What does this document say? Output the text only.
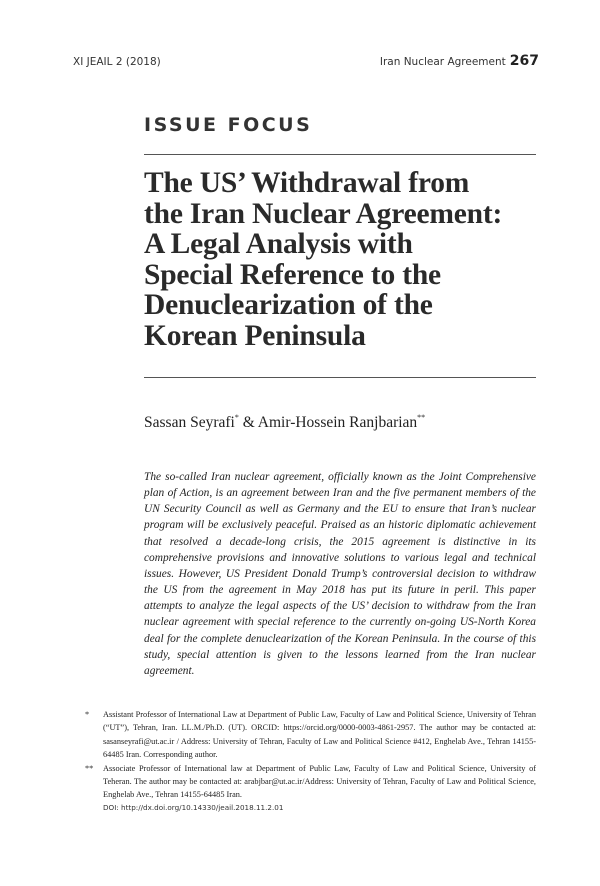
XI JEAIL 2 (2018)	Iran Nuclear Agreement 267
ISSUE FOCUS
The US’ Withdrawal from
the Iran Nuclear Agreement:
A Legal Analysis with
Special Reference to the
Denuclearization of the
Korean Peninsula
Sassan Seyrafi* & Amir-Hossein Ranjbarian**

The so-called Iran nuclear agreement, officially known as the Joint Comprehensive plan of Action, is an agreement between Iran and the five permanent members of the UN Security Council as well as Germany and the EU to ensure that Iran’s nuclear program will be exclusively peaceful. Praised as an historic diplomatic achievement that resolved a decade-long crisis, the 2015 agreement is distinctive in its comprehensive provisions and innovative solutions to various legal and technical issues. However, US President Donald Trump’s controversial decision to withdraw the US from the agreement in May 2018 has put its future in peril. This paper attempts to analyze the legal aspects of the US’ decision to withdraw from the Iran nuclear agreement with special reference to the currently on-going US-North Korea deal for the complete denuclearization of the Korean Peninsula. In the course of this study, special attention is given to the lessons learned from the Iran nuclear agreement.

* Assistant Professor of International Law at Department of Public Law, Faculty of Law and Political Science, University of Tehran (“UT”), Tehran, Iran. LL.M./Ph.D. (UT). ORCID: https://orcid.org/0000-0003-4861-2957. The author may be contacted at: sasanseyrafi@ut.ac.ir / Address: University of Tehran, Faculty of Law and Political Science #412, Enghelab Ave., Tehran 14155-64485 Iran. Corresponding author.
** Associate Professor of International law at Department of Public Law, Faculty of Law and Political Science, University of Teheran. The author may be contacted at: arabjbar@ut.ac.ir/Address: University of Tehran, Faculty of Law and Political Science, Enghelab Ave., Tehran 14155-64485 Iran.
DOI: http://dx.doi.org/10.14330/jeail.2018.11.2.01
